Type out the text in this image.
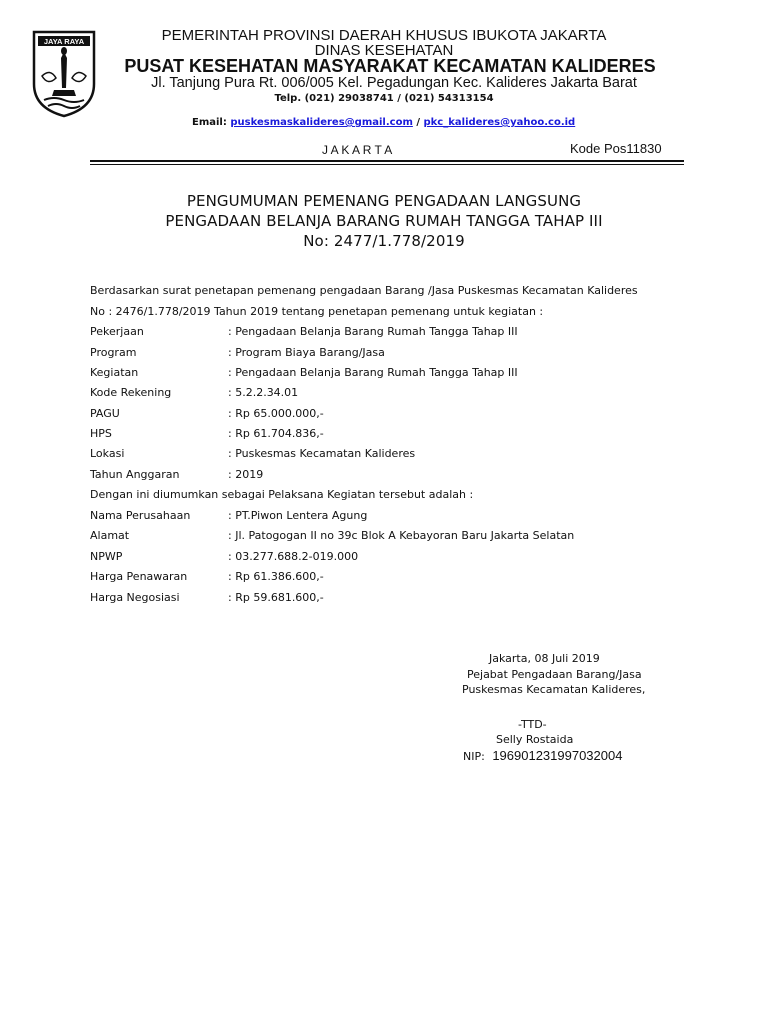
JAYA RAYA	PEMERINTAH PROVINSI DAERAH KHUSUS IBUKOTA JAKARTA
DINAS KESEHATAN
PUSAT KESEHATAN MASYARAKAT KECAMATAN KALIDERES
Jl. Tanjung Pura Rt. 006/005 Kel. Pegadungan Kec. Kalideres Jakarta Barat
Telp. (021) 29038741 / (021) 54313154
Email: puskesmaskalideres@gmail.com / pkc_kalideres@yahoo.co.id
J A K A R T A	Kode Pos11830
PENGUMUMAN PEMENANG PENGADAAN LANGSUNG
PENGADAAN BELANJA BARANG RUMAH TANGGA TAHAP III
No: 2477/1.778/2019
Berdasarkan surat penetapan pemenang pengadaan Barang /Jasa Puskesmas Kecamatan Kalideres
No : 2476/1.778/2019 Tahun 2019 tentang penetapan pemenang untuk kegiatan :
Pekerjaan	: Pengadaan Belanja Barang Rumah Tangga Tahap III
Program	: Program Biaya Barang/Jasa
Kegiatan	: Pengadaan Belanja Barang Rumah Tangga Tahap III
Kode Rekening	: 5.2.2.34.01
PAGU	: Rp 65.000.000,-
HPS	: Rp 61.704.836,-
Lokasi	: Puskesmas Kecamatan Kalideres
Tahun Anggaran	: 2019
Dengan ini diumumkan sebagai Pelaksana Kegiatan tersebut adalah :
Nama Perusahaan	: PT.Piwon Lentera Agung
Alamat	: Jl. Patogogan II no 39c Blok A Kebayoran Baru Jakarta Selatan
NPWP	: 03.277.688.2-019.000
Harga Penawaran	: Rp 61.386.600,-
Harga Negosiasi	: Rp 59.681.600,-
Jakarta, 08 Juli 2019
Pejabat Pengadaan Barang/Jasa
Puskesmas Kecamatan Kalideres,
-TTD-
Selly Rostaida
NIP: 196901231997032004
